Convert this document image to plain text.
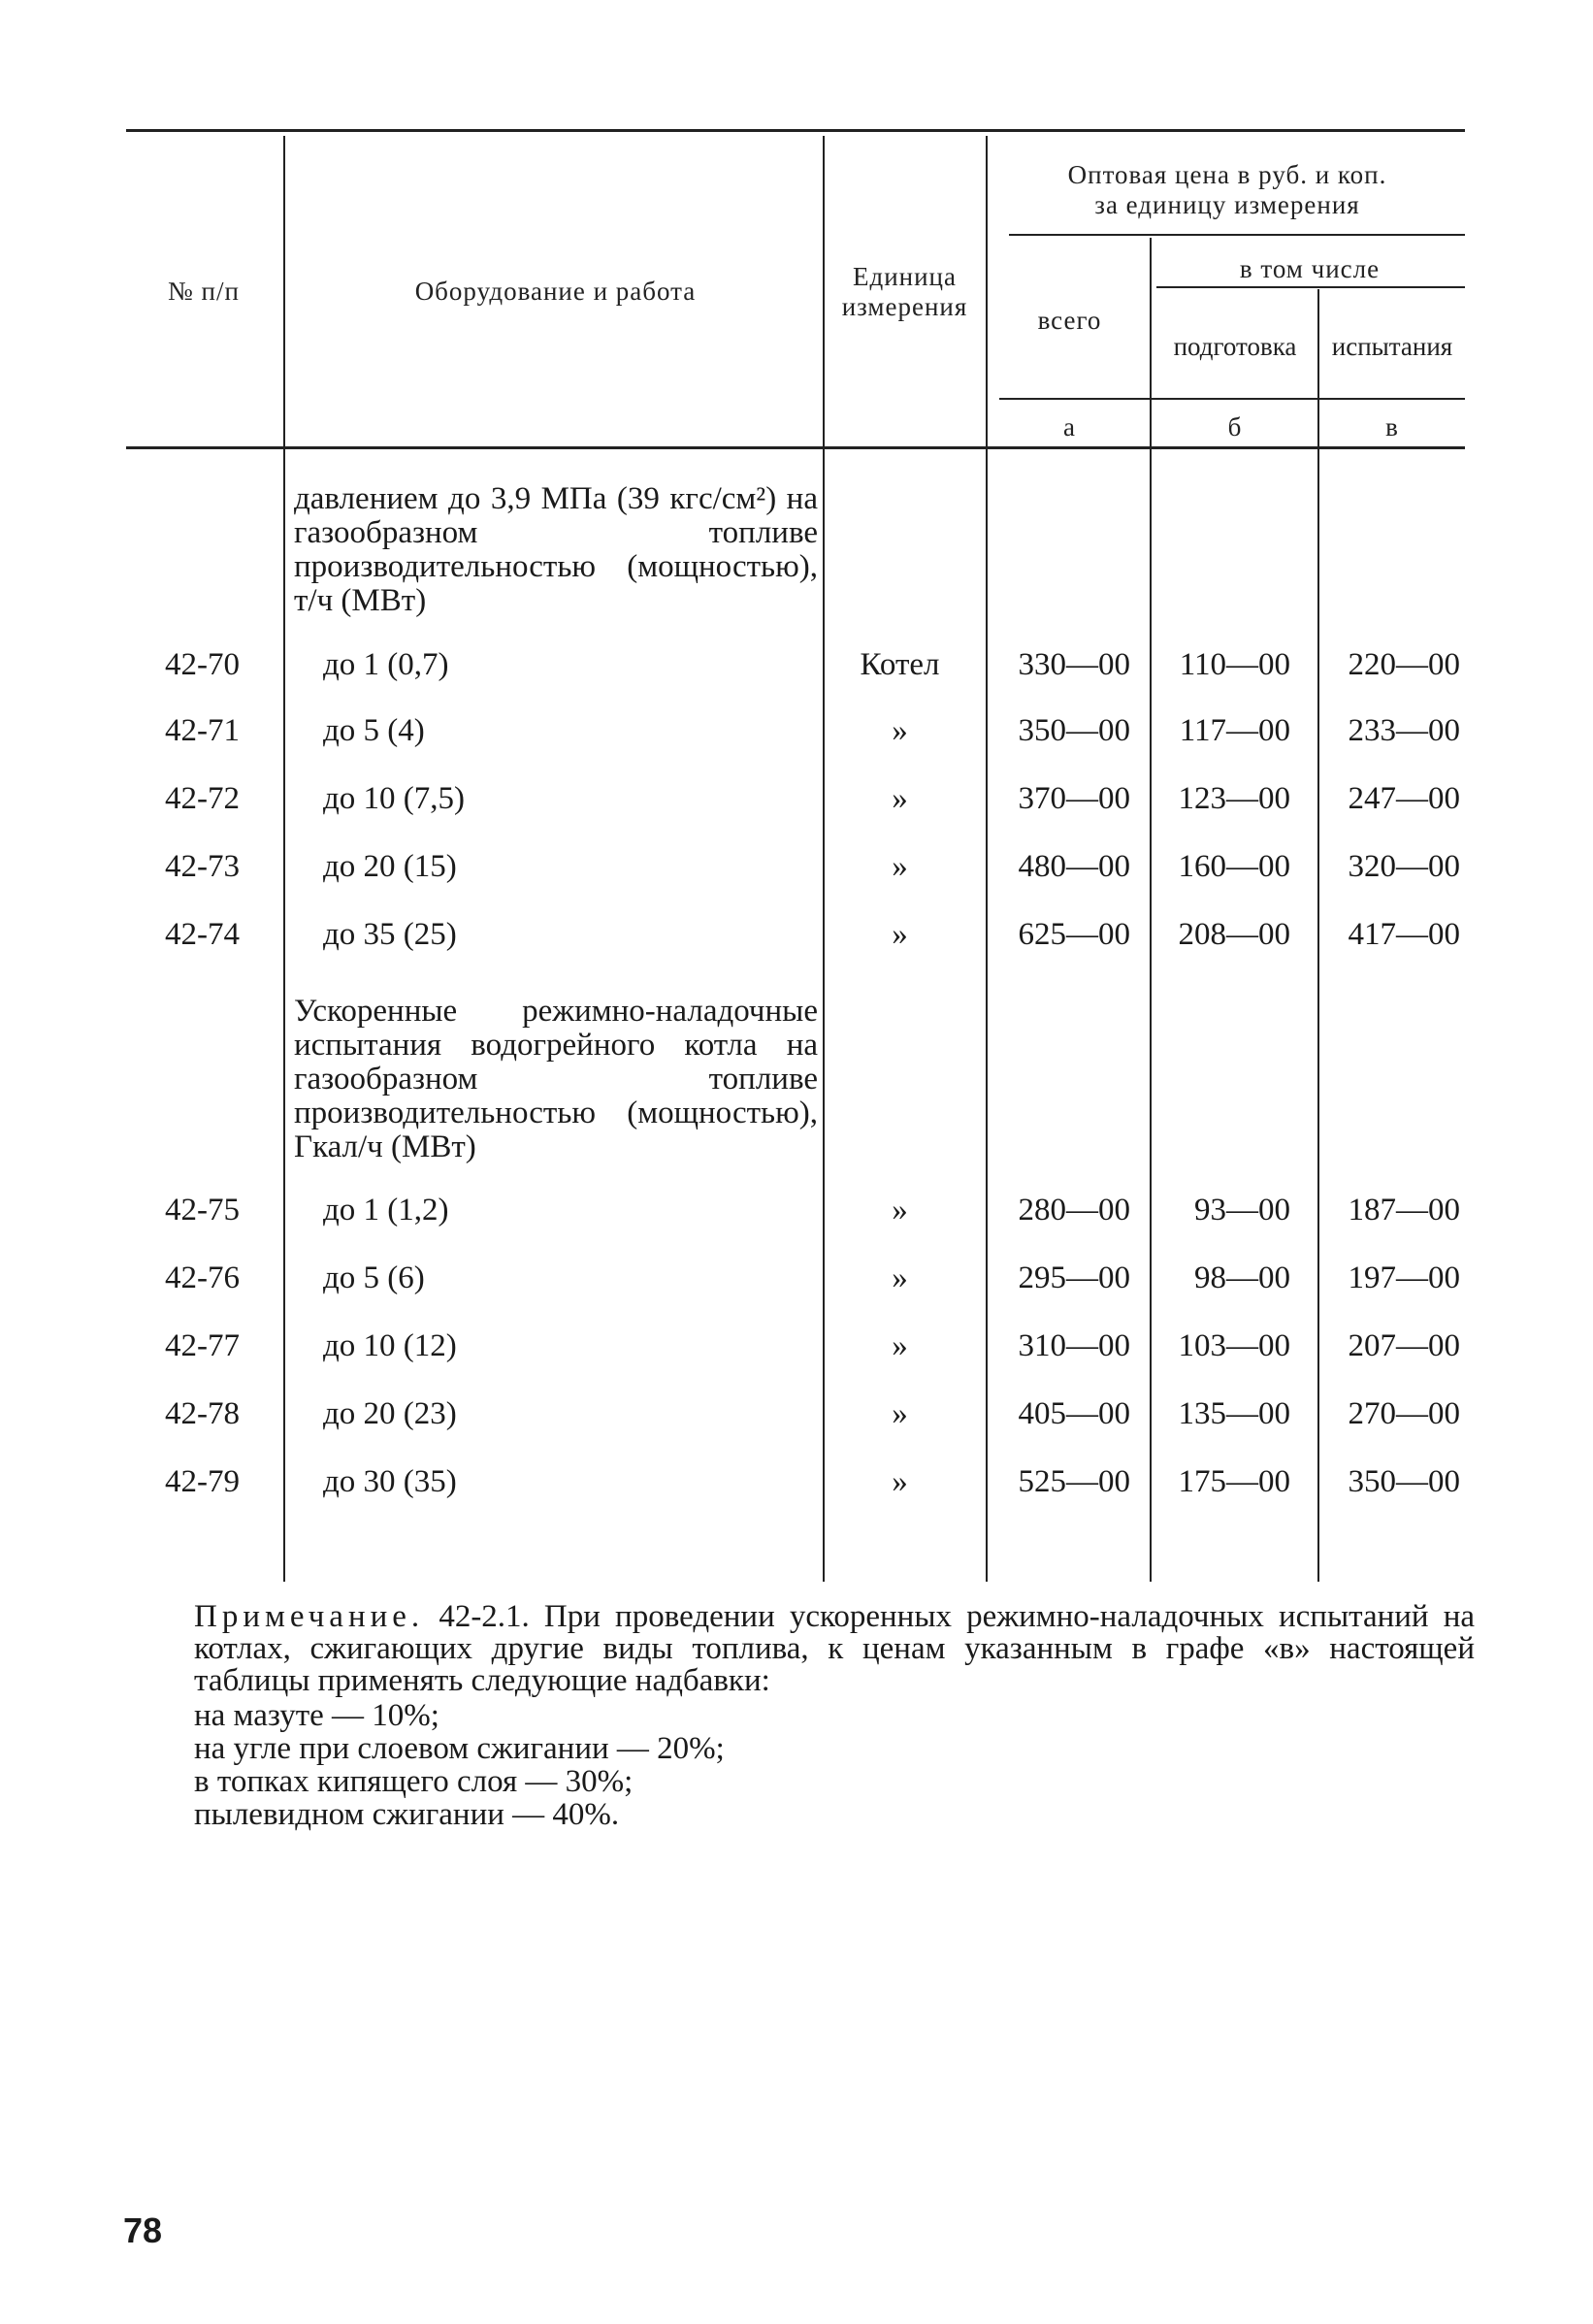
№ п/п	Оборудование и работа	Единица
измерения
Оптовая цена в руб. и коп.
за единицу измерения
всего
в том числе
подготовка	испытания
а	б	в
давлением до 3,9 МПа (39 кгс/см²) на газообразном топливе производительностью (мощностью), т/ч (МВт)
42-70	до 1 (0,7)	Котел	330—00	110—00	220—00
42-71	до 5 (4)	»	350—00	117—00	233—00
42-72	до 10 (7,5)	»	370—00	123—00	247—00
42-73	до 20 (15)	»	480—00	160—00	320—00
42-74	до 35 (25)	»	625—00	208—00	417—00
Ускоренные режимно-наладочные испытания водогрейного котла на газообразном топливе производительностью (мощностью), Гкал/ч (МВт)
42-75	до 1 (1,2)	»	280—00	93—00	187—00
42-76	до 5 (6)	»	295—00	98—00	197—00
42-77	до 10 (12)	»	310—00	103—00	207—00
42-78	до 20 (23)	»	405—00	135—00	270—00
42-79	до 30 (35)	»	525—00	175—00	350—00
Примечание. 42-2.1. При проведении ускоренных режимно-наладочных испытаний на котлах, сжигающих другие виды топлива, к ценам указанным в графе «в» настоящей таблицы применять следующие надбавки:
на мазуте — 10%;
на угле при слоевом сжигании — 20%;
в топках кипящего слоя — 30%;
пылевидном сжигании — 40%.
78
